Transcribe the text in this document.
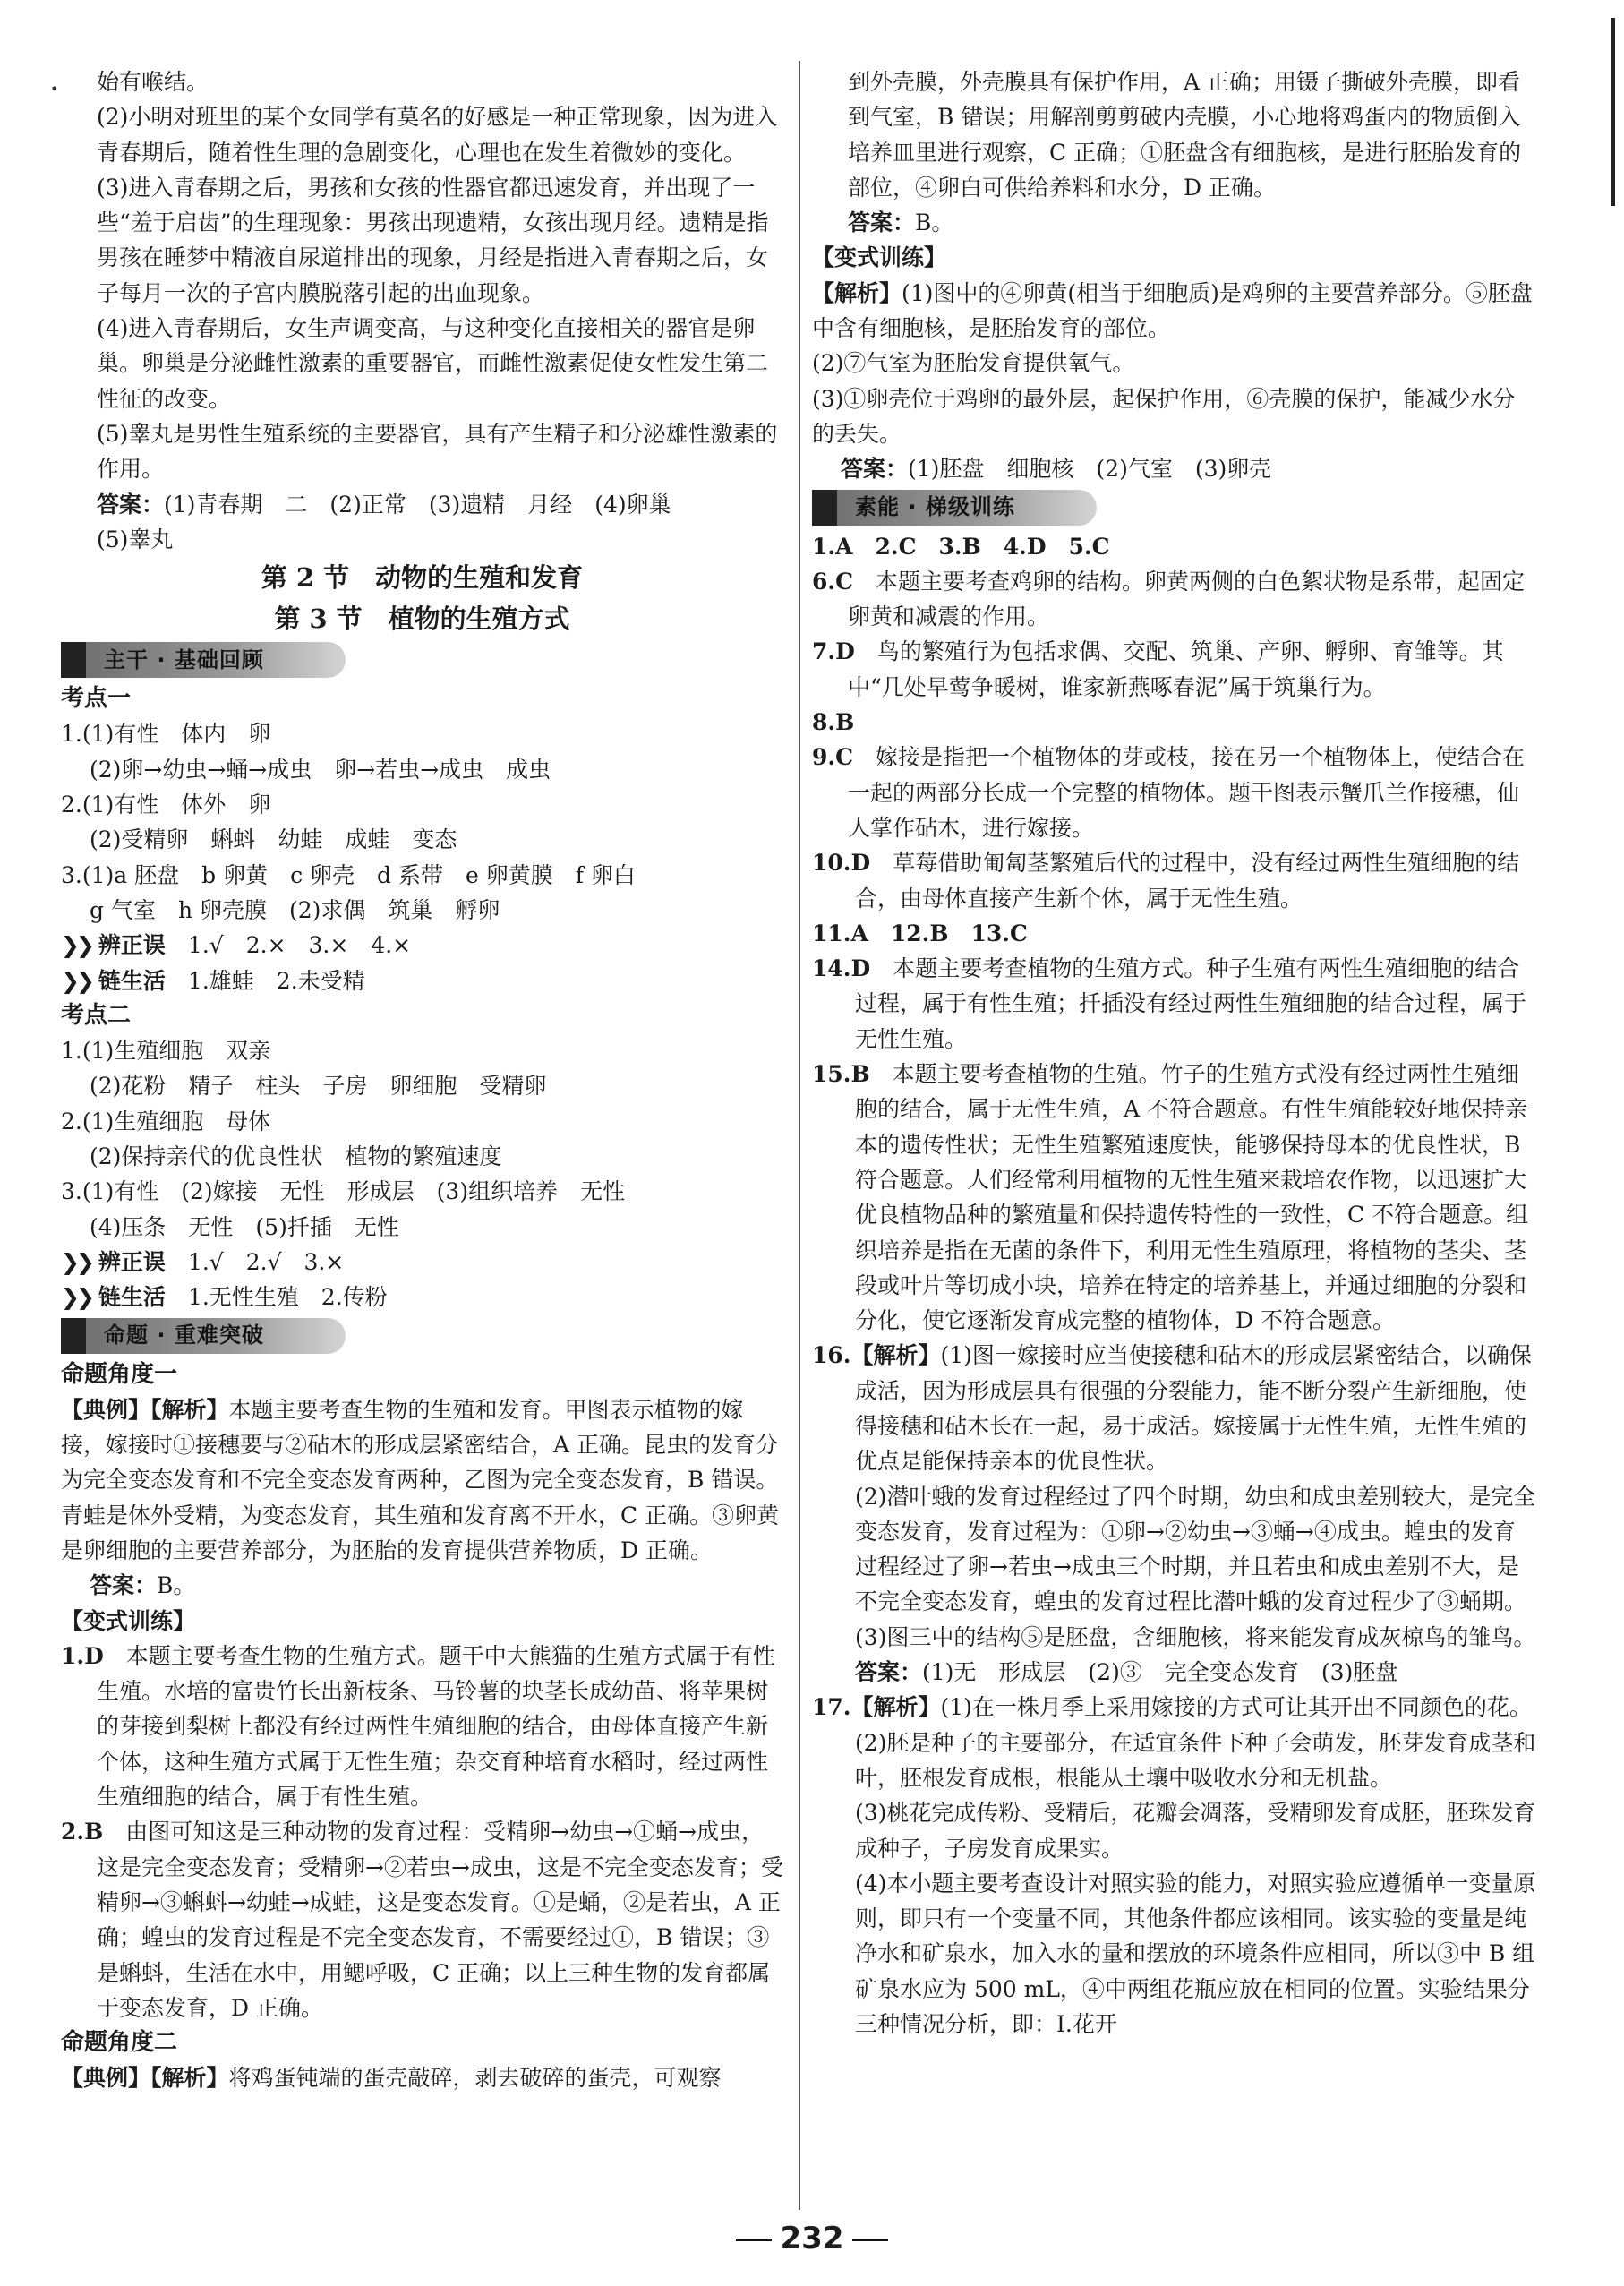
•	始有喉结。
(2)小明对班里的某个女同学有莫名的好感是一种正常现象，因为进入青春期后，随着性生理的急剧变化，心理也在发生着微妙的变化。
(3)进入青春期之后，男孩和女孩的性器官都迅速发育，并出现了一些“羞于启齿”的生理现象：男孩出现遗精，女孩出现月经。遗精是指男孩在睡梦中精液自尿道排出的现象，月经是指进入青春期之后，女子每月一次的子宫内膜脱落引起的出血现象。
(4)进入青春期后，女生声调变高，与这种变化直接相关的器官是卵巢。卵巢是分泌雌性激素的重要器官，而雌性激素促使女性发生第二性征的改变。
(5)睾丸是男性生殖系统的主要器官，具有产生精子和分泌雄性激素的作用。
答案：(1)青春期　二　(2)正常　(3)遗精　月经　(4)卵巢
(5)睾丸
第 2 节　动物的生殖和发育
第 3 节　植物的生殖方式
主干 · 基础回顾
考点一
1.(1)有性　体内　卵
(2)卵→幼虫→蛹→成虫　卵→若虫→成虫　成虫
2.(1)有性　体外　卵
(2)受精卵　蝌蚪　幼蛙　成蛙　变态
3.(1)a 胚盘　b 卵黄　c 卵壳　d 系带　e 卵黄膜　f 卵白
g 气室　h 卵壳膜　(2)求偶　筑巢　孵卵
❯❯ 辨正误　 1.√　2.×　3.×　4.×
❯❯ 链生活　 1.雄蛙　2.未受精
考点二
1.(1)生殖细胞　双亲
(2)花粉　精子　柱头　子房　卵细胞　受精卵
2.(1)生殖细胞　母体
(2)保持亲代的优良性状　植物的繁殖速度
3.(1)有性　(2)嫁接　无性　形成层　(3)组织培养　无性
(4)压条　无性　(5)扦插　无性
❯❯ 辨正误　 1.√　2.√　3.×
❯❯ 链生活　 1.无性生殖　2.传粉
命题 · 重难突破
命题角度一
【典例】【解析】本题主要考查生物的生殖和发育。甲图表示植物的嫁接，嫁接时①接穗要与②砧木的形成层紧密结合，A 正确。昆虫的发育分为完全变态发育和不完全变态发育两种，乙图为完全变态发育，B 错误。青蛙是体外受精，为变态发育，其生殖和发育离不开水，C 正确。③卵黄是卵细胞的主要营养部分，为胚胎的发育提供营养物质，D 正确。
答案：B。
【变式训练】
1.D　 本题主要考查生物的生殖方式。题干中大熊猫的生殖方式属于有性生殖。水培的富贵竹长出新枝条、马铃薯的块茎长成幼苗、将苹果树的芽接到梨树上都没有经过两性生殖细胞的结合，由母体直接产生新个体，这种生殖方式属于无性生殖；杂交育种培育水稻时，经过两性生殖细胞的结合，属于有性生殖。
2.B　 由图可知这是三种动物的发育过程：受精卵→幼虫→①蛹→成虫，这是完全变态发育；受精卵→②若虫→成虫，这是不完全变态发育；受精卵→③蝌蚪→幼蛙→成蛙，这是变态发育。①是蛹，②是若虫，A 正确；蝗虫的发育过程是不完全变态发育，不需要经过①，B 错误；③是蝌蚪，生活在水中，用鳃呼吸，C 正确；以上三种生物的发育都属于变态发育，D 正确。
命题角度二
【典例】【解析】将鸡蛋钝端的蛋壳敲碎，剥去破碎的蛋壳，可观察
到外壳膜，外壳膜具有保护作用，A 正确；用镊子撕破外壳膜，即看到气室，B 错误；用解剖剪剪破内壳膜，小心地将鸡蛋内的物质倒入培养皿里进行观察，C 正确；①胚盘含有细胞核，是进行胚胎发育的部位，④卵白可供给养料和水分，D 正确。
答案：B。
【变式训练】
【解析】(1)图中的④卵黄(相当于细胞质)是鸡卵的主要营养部分。⑤胚盘中含有细胞核，是胚胎发育的部位。
(2)⑦气室为胚胎发育提供氧气。
(3)①卵壳位于鸡卵的最外层，起保护作用，⑥壳膜的保护，能减少水分的丢失。
答案：(1)胚盘　细胞核　(2)气室　(3)卵壳
素能 · 梯级训练
1.A　2.C　3.B　4.D　5.C
6.C　 本题主要考查鸡卵的结构。卵黄两侧的白色絮状物是系带，起固定卵黄和减震的作用。
7.D　 鸟的繁殖行为包括求偶、交配、筑巢、产卵、孵卵、育雏等。其中“几处早莺争暖树，谁家新燕啄春泥”属于筑巢行为。
8.B
9.C　 嫁接是指把一个植物体的芽或枝，接在另一个植物体上，使结合在一起的两部分长成一个完整的植物体。题干图表示蟹爪兰作接穗，仙人掌作砧木，进行嫁接。
10.D　 草莓借助匍匐茎繁殖后代的过程中，没有经过两性生殖细胞的结合，由母体直接产生新个体，属于无性生殖。
11.A　12.B　13.C
14.D　 本题主要考查植物的生殖方式。种子生殖有两性生殖细胞的结合过程，属于有性生殖；扦插没有经过两性生殖细胞的结合过程，属于无性生殖。
15.B　 本题主要考查植物的生殖。竹子的生殖方式没有经过两性生殖细胞的结合，属于无性生殖，A 不符合题意。有性生殖能较好地保持亲本的遗传性状；无性生殖繁殖速度快，能够保持母本的优良性状，B 符合题意。人们经常利用植物的无性生殖来栽培农作物，以迅速扩大优良植物品种的繁殖量和保持遗传特性的一致性，C 不符合题意。组织培养是指在无菌的条件下，利用无性生殖原理，将植物的茎尖、茎段或叶片等切成小块，培养在特定的培养基上，并通过细胞的分裂和分化，使它逐渐发育成完整的植物体，D 不符合题意。
16.【解析】(1)图一嫁接时应当使接穗和砧木的形成层紧密结合，以确保成活，因为形成层具有很强的分裂能力，能不断分裂产生新细胞，使得接穗和砧木长在一起，易于成活。嫁接属于无性生殖，无性生殖的优点是能保持亲本的优良性状。
(2)潜叶蛾的发育过程经过了四个时期，幼虫和成虫差别较大，是完全变态发育，发育过程为：①卵→②幼虫→③蛹→④成虫。蝗虫的发育过程经过了卵→若虫→成虫三个时期，并且若虫和成虫差别不大，是不完全变态发育，蝗虫的发育过程比潜叶蛾的发育过程少了③蛹期。
(3)图三中的结构⑤是胚盘，含细胞核，将来能发育成灰椋鸟的雏鸟。
答案：(1)无　形成层　(2)③　完全变态发育　(3)胚盘
17.【解析】(1)在一株月季上采用嫁接的方式可让其开出不同颜色的花。
(2)胚是种子的主要部分，在适宜条件下种子会萌发，胚芽发育成茎和叶，胚根发育成根，根能从土壤中吸收水分和无机盐。
(3)桃花完成传粉、受精后，花瓣会凋落，受精卵发育成胚，胚珠发育成种子，子房发育成果实。
(4)本小题主要考查设计对照实验的能力，对照实验应遵循单一变量原则，即只有一个变量不同，其他条件都应该相同。该实验的变量是纯净水和矿泉水，加入水的量和摆放的环境条件应相同，所以③中 B 组矿泉水应为 500 mL，④中两组花瓶应放在相同的位置。实验结果分三种情况分析，即：Ⅰ.花开
232
